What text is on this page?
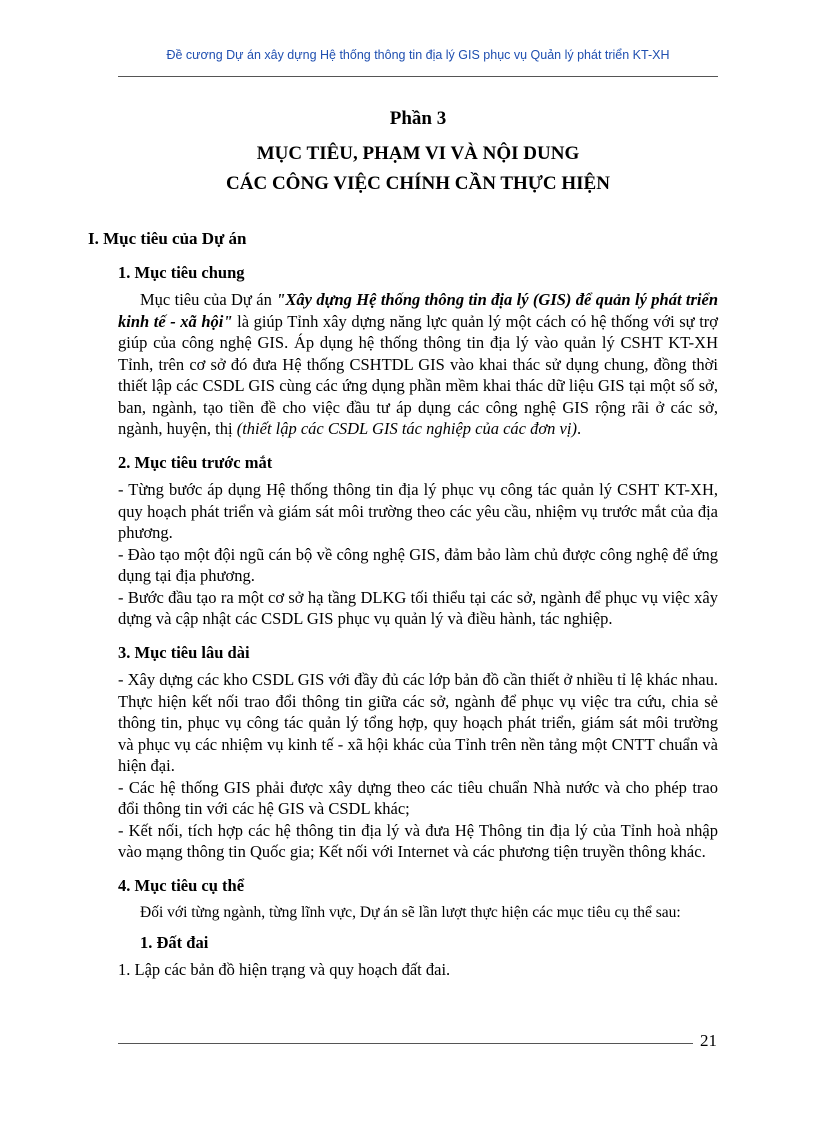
Đề cương Dự án xây dựng Hệ thống thông tin địa lý GIS phục vụ Quản lý phát triển KT-XH
Phần 3
MỤC TIÊU, PHẠM VI VÀ NỘI DUNG
CÁC CÔNG VIỆC CHÍNH CẦN THỰC HIỆN
I. Mục tiêu của Dự án
1. Mục tiêu chung

Mục tiêu của Dự án "Xây dựng Hệ thống thông tin địa lý (GIS) để quản lý phát triển kinh tế - xã hội" là giúp Tỉnh xây dựng năng lực quản lý một cách có hệ thống với sự trợ giúp của công nghệ GIS. Áp dụng hệ thống thông tin địa lý vào quản lý CSHT KT-XH Tỉnh, trên cơ sở đó đưa Hệ thống CSHTDL GIS vào khai thác sử dụng chung, đồng thời thiết lập các CSDL GIS cùng các ứng dụng phần mềm khai thác dữ liệu GIS tại một số sở, ban, ngành, tạo tiền đề cho việc đầu tư áp dụng các công nghệ GIS rộng rãi ở các sở, ngành, huyện, thị (thiết lập các CSDL GIS tác nghiệp của các đơn vị).

2. Mục tiêu trước mắt

- Từng bước áp dụng Hệ thống thông tin địa lý phục vụ công tác quản lý CSHT KT-XH, quy hoạch phát triển và giám sát môi trường theo các yêu cầu, nhiệm vụ trước mắt của địa phương.

- Đào tạo một đội ngũ cán bộ về công nghệ GIS, đảm bảo làm chủ được công nghệ để ứng dụng tại địa phương.

- Bước đầu tạo ra một cơ sở hạ tầng DLKG tối thiểu tại các sở, ngành để phục vụ việc xây dựng và cập nhật các CSDL GIS phục vụ quản lý và điều hành, tác nghiệp.

3. Mục tiêu lâu dài

- Xây dựng các kho CSDL GIS với đầy đủ các lớp bản đồ cần thiết ở nhiều tỉ lệ khác nhau. Thực hiện kết nối trao đổi thông tin giữa các sở, ngành để phục vụ việc tra cứu, chia sẻ thông tin, phục vụ công tác quản lý tổng hợp, quy hoạch phát triển, giám sát môi trường và phục vụ các nhiệm vụ kinh tế - xã hội khác của Tỉnh trên nền tảng một CNTT chuẩn và hiện đại.

- Các hệ thống GIS phải được xây dựng theo các tiêu chuẩn Nhà nước và cho phép trao đổi thông tin với các hệ GIS và CSDL khác;

- Kết nối, tích hợp các hệ thông tin địa lý và đưa Hệ Thông tin địa lý của Tỉnh hoà nhập vào mạng thông tin Quốc gia; Kết nối với Internet và các phương tiện truyền thông khác.

4. Mục tiêu cụ thể

Đối với từng ngành, từng lĩnh vực, Dự án sẽ lần lượt thực hiện các mục tiêu cụ thể sau:

1. Đất đai

1. Lập các bản đồ hiện trạng và quy hoạch đất đai.

21
